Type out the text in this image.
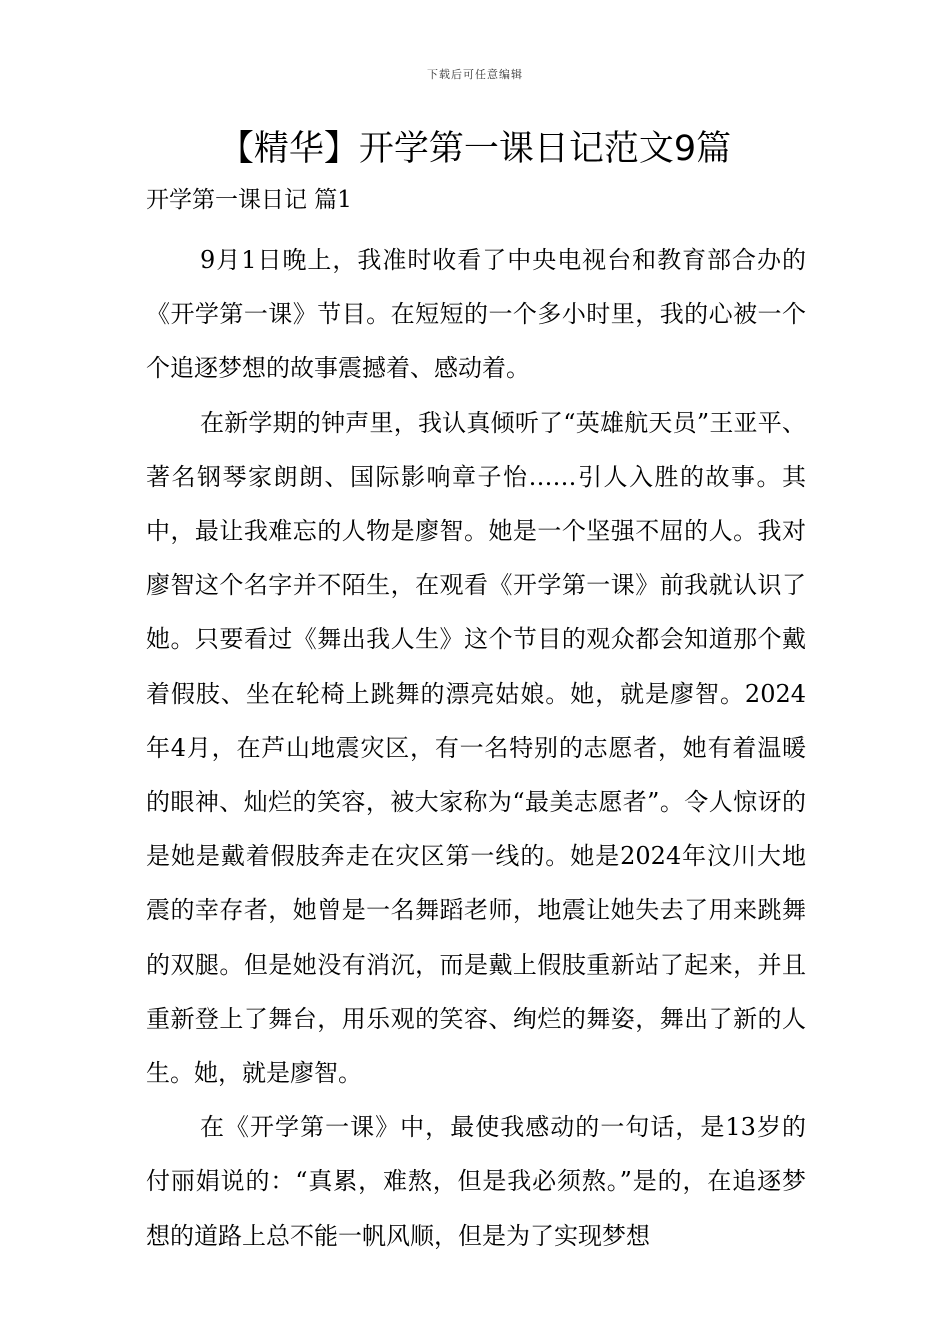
下载后可任意编辑
【精华】开学第一课日记范文9篇

开学第一课日记 篇1

9月1日晚上，我准时收看了中央电视台和教育部合办的《开学第一课》节目。在短短的一个多小时里，我的心被一个个追逐梦想的故事震撼着、感动着。

在新学期的钟声里，我认真倾听了“英雄航天员”王亚平、著名钢琴家朗朗、国际影响章子怡……引人入胜的故事。其中，最让我难忘的人物是廖智。她是一个坚强不屈的人。我对廖智这个名字并不陌生，在观看《开学第一课》前我就认识了她。只要看过《舞出我人生》这个节目的观众都会知道那个戴着假肢、坐在轮椅上跳舞的漂亮姑娘。她，就是廖智。2024年4月，在芦山地震灾区，有一名特别的志愿者，她有着温暖的眼神、灿烂的笑容，被大家称为“最美志愿者”。令人惊讶的是她是戴着假肢奔走在灾区第一线的。她是2024年汶川大地震的幸存者，她曾是一名舞蹈老师，地震让她失去了用来跳舞的双腿。但是她没有消沉，而是戴上假肢重新站了起来，并且重新登上了舞台，用乐观的笑容、绚烂的舞姿，舞出了新的人生。她，就是廖智。

在《开学第一课》中，最使我感动的一句话，是13岁的付丽娟说的：“真累，难熬，但是我必须熬。”是的，在追逐梦想的道路上总不能一帆风顺，但是为了实现梦想
